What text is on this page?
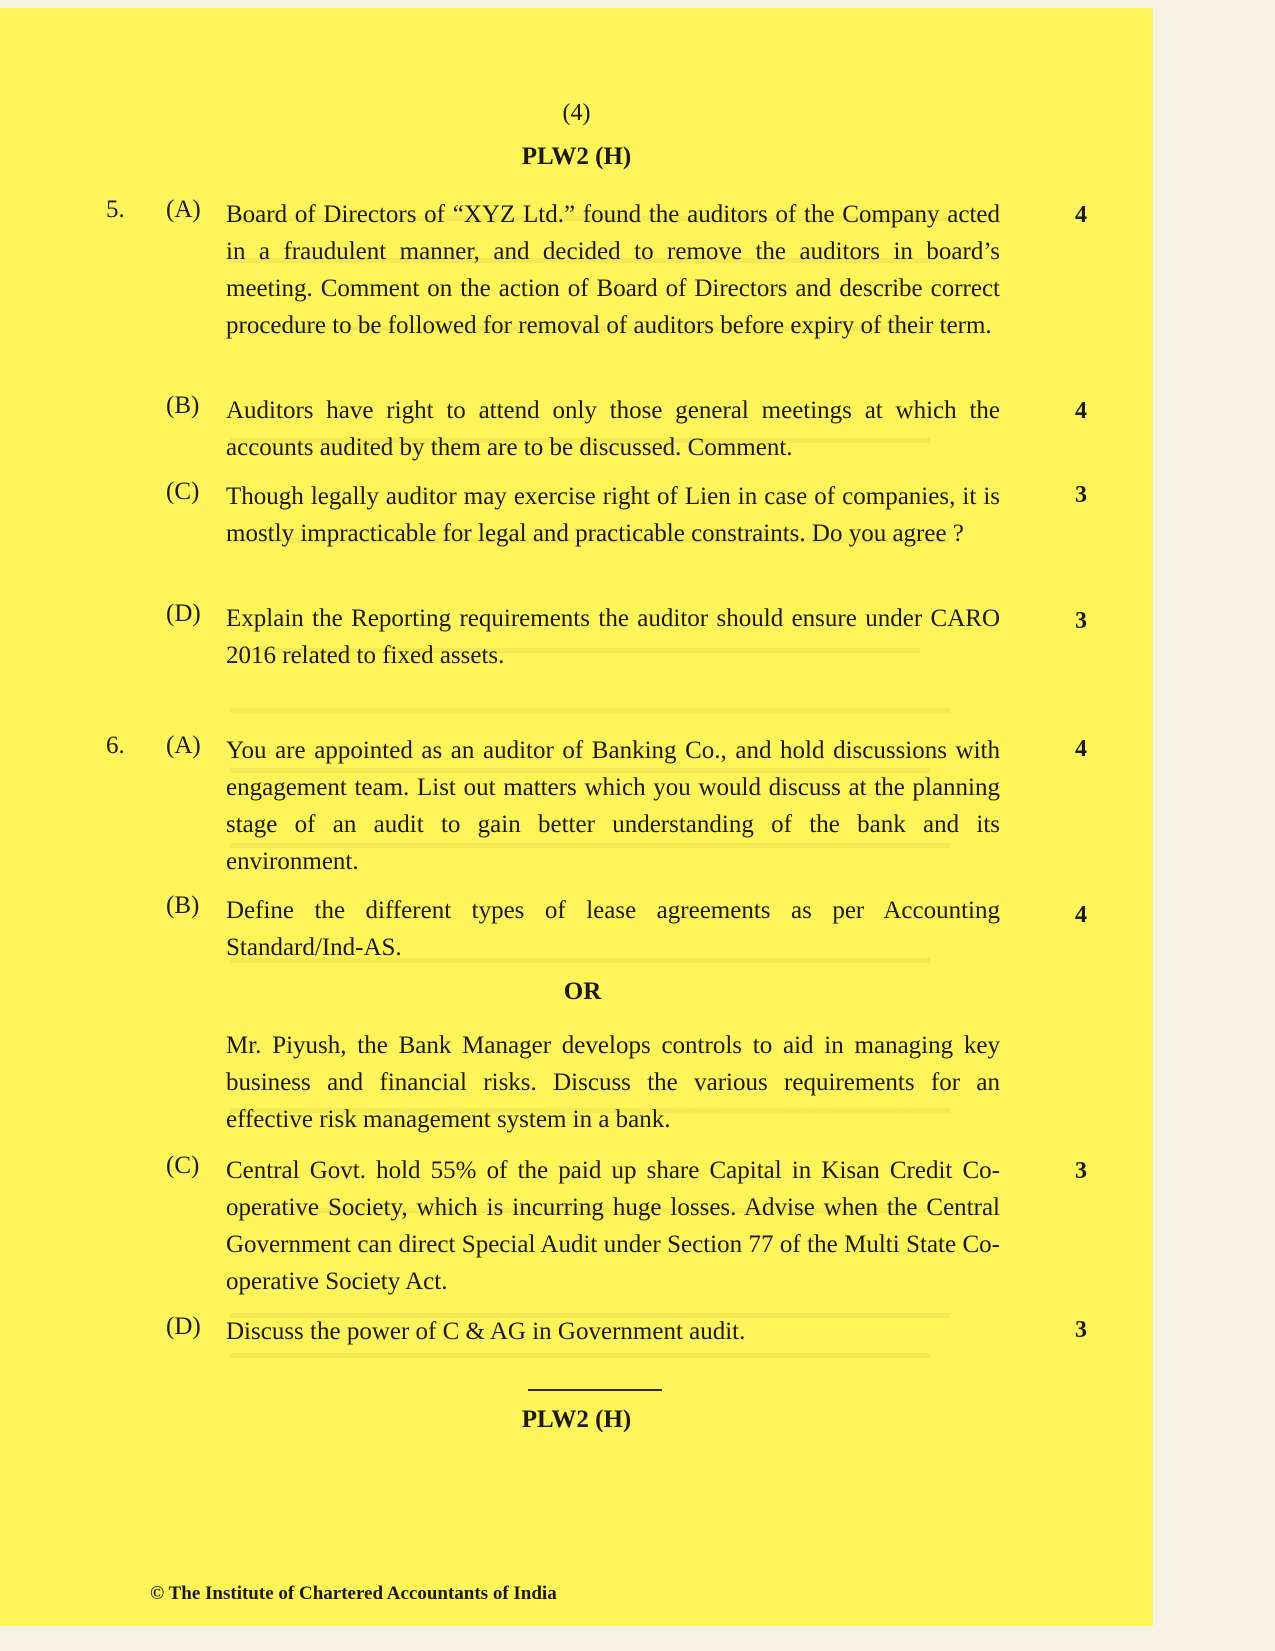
(4)
PLW2 (H)
5. (A) Board of Directors of “XYZ Ltd.” found the auditors of the Company acted in a fraudulent manner, and decided to remove the auditors in board’s meeting. Comment on the action of Board of Directors and describe correct procedure to be followed for removal of auditors before expiry of their term.
4
(B) Auditors have right to attend only those general meetings at which the accounts audited by them are to be discussed. Comment.
4
(C) Though legally auditor may exercise right of Lien in case of companies, it is mostly impracticable for legal and practicable constraints. Do you agree ?
3
(D) Explain the Reporting requirements the auditor should ensure under CARO 2016 related to fixed assets.
3
6. (A) You are appointed as an auditor of Banking Co., and hold discussions with engagement team. List out matters which you would discuss at the planning stage of an audit to gain better understanding of the bank and its environment.
4
(B) Define the different types of lease agreements as per Accounting Standard/Ind-AS.
4
OR
Mr. Piyush, the Bank Manager develops controls to aid in managing key business and financial risks. Discuss the various requirements for an effective risk management system in a bank.
(C) Central Govt. hold 55% of the paid up share Capital in Kisan Credit Co-operative Society, which is incurring huge losses. Advise when the Central Government can direct Special Audit under Section 77 of the Multi State Co-operative Society Act.
3
(D) Discuss the power of C & AG in Government audit.	3
PLW2 (H)
© The Institute of Chartered Accountants of India
